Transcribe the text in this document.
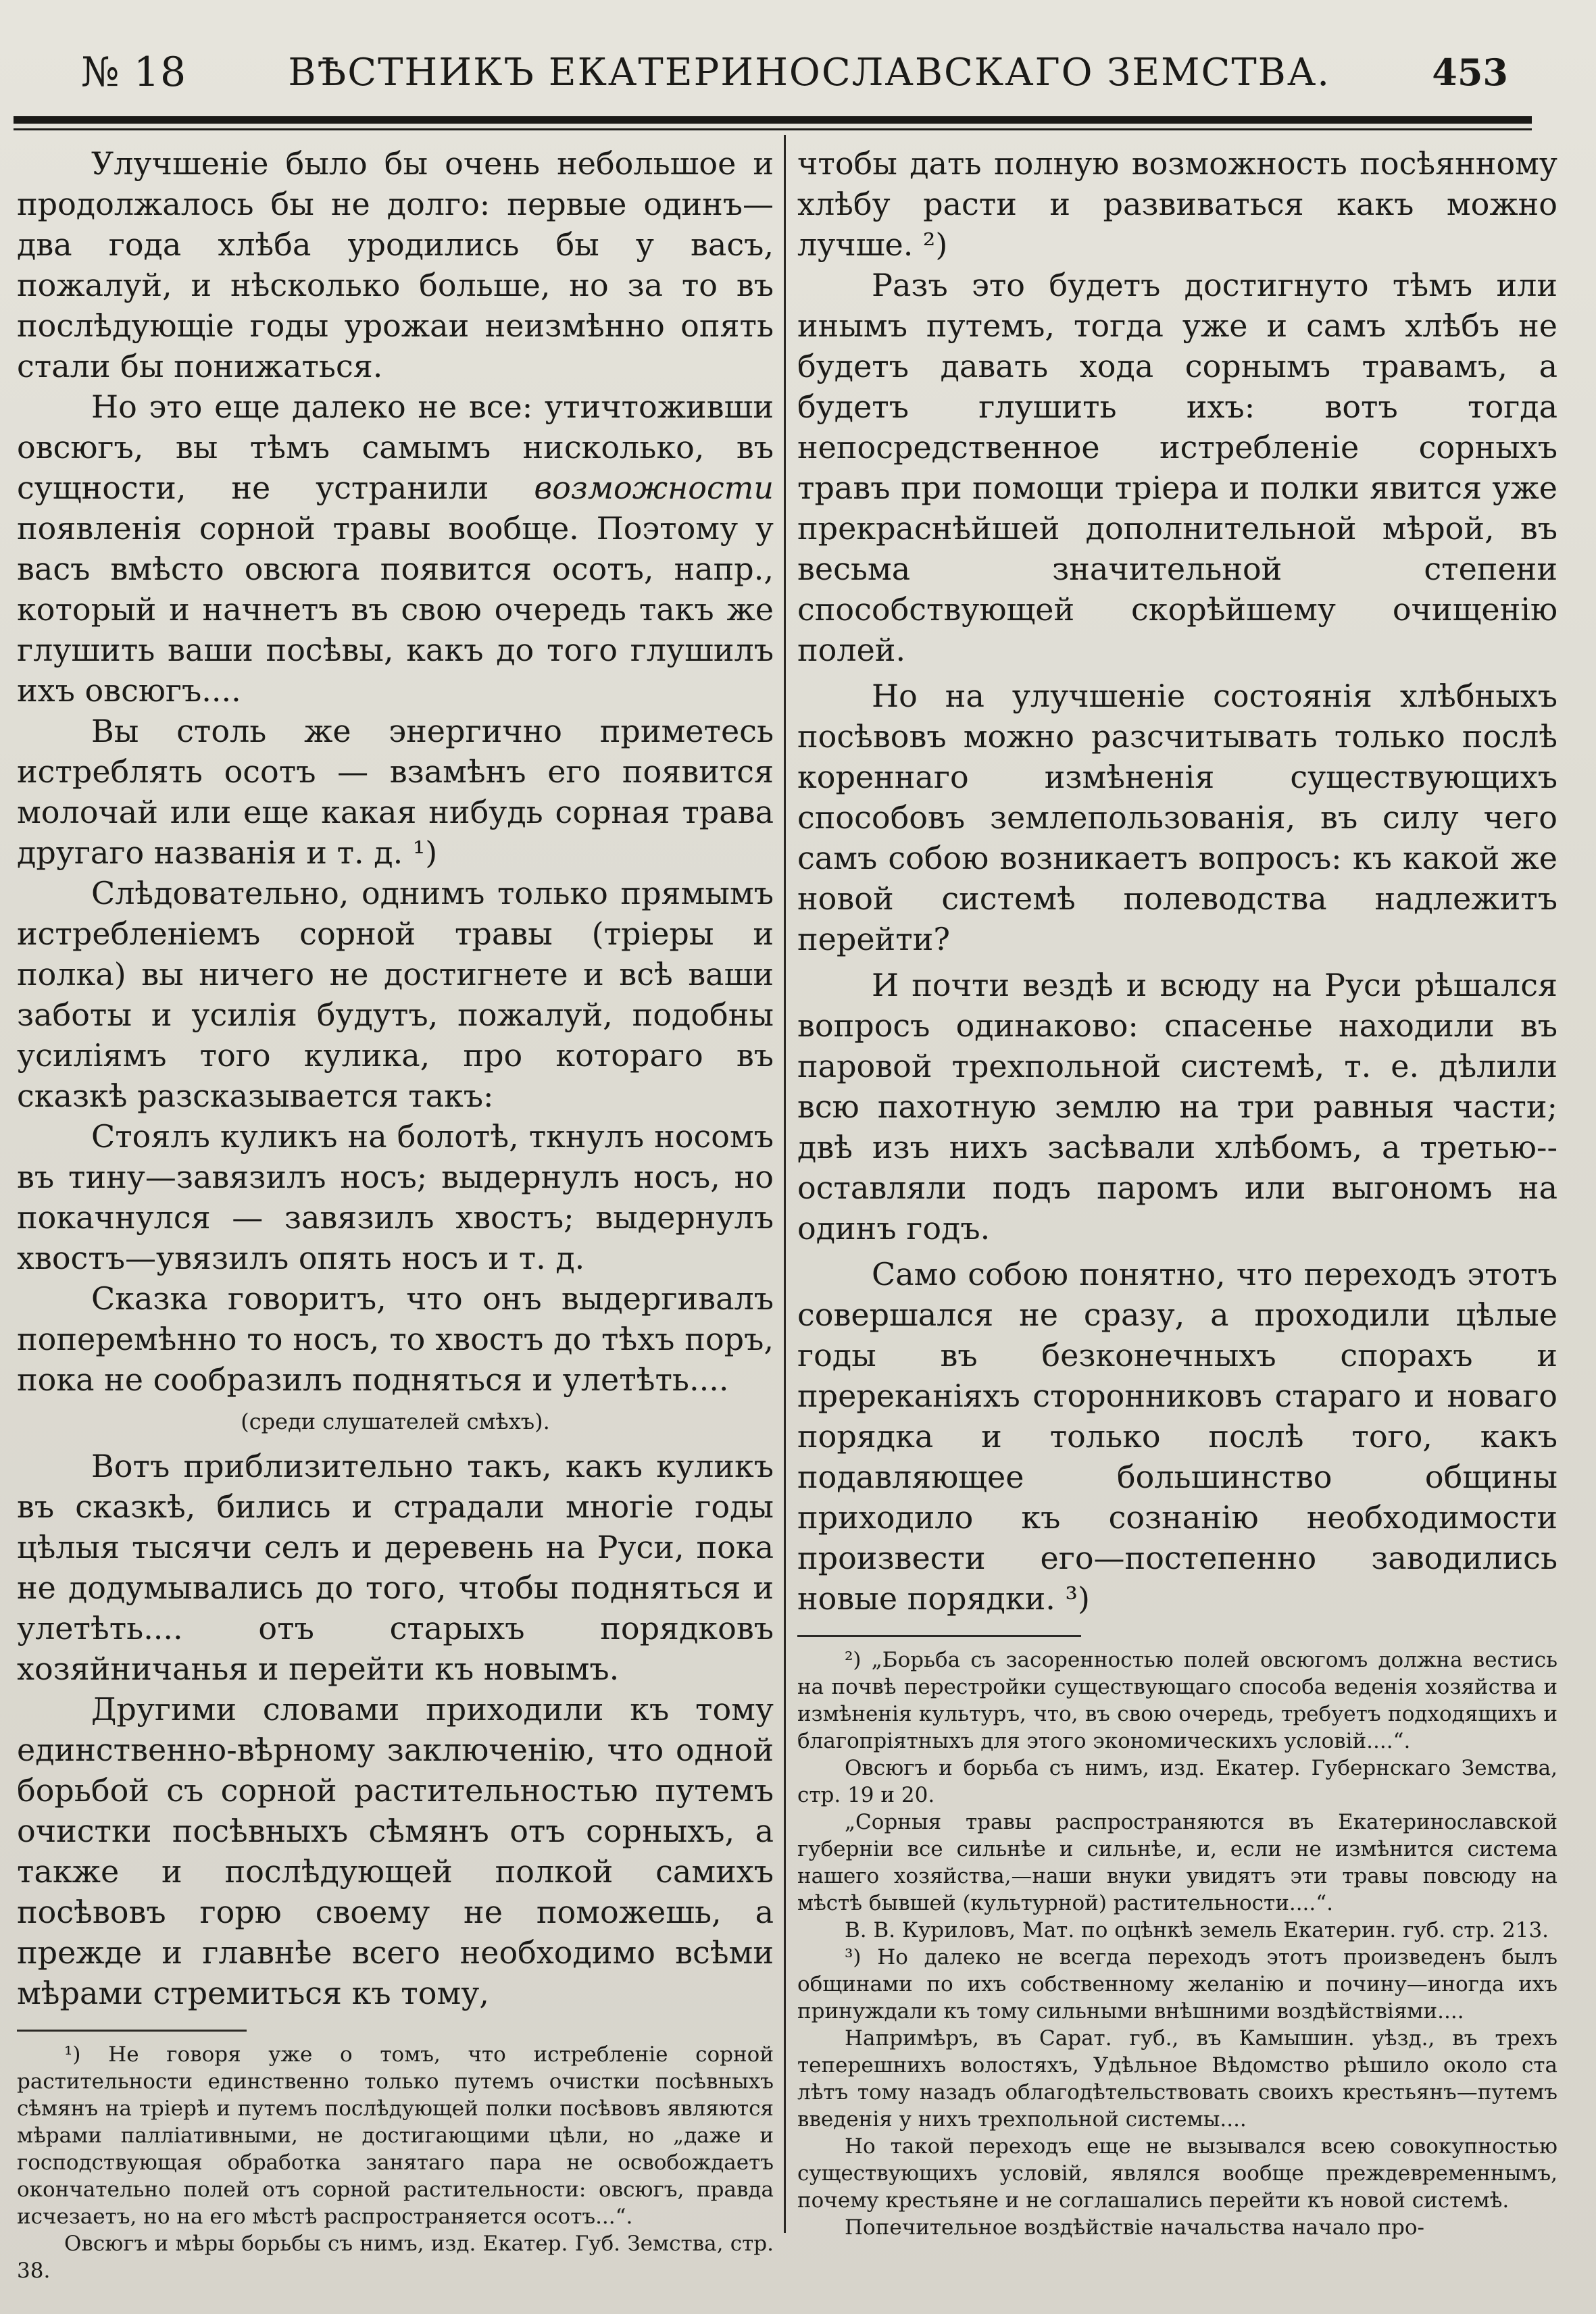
№ 18	ВѢСТНИКЪ ЕКАТЕРИНОСЛАВСКАГО ЗЕМСТВА.	453

Улучшеніе было бы очень небольшое и продолжалось бы не долго: первые одинъ—два года хлѣба уродились бы у васъ, пожалуй, и нѣсколько больше, но за то въ послѣдующіе годы урожаи неизмѣнно опять стали бы понижаться.

Но это еще далеко не все: утичтоживши овсюгъ, вы тѣмъ самымъ нисколько, въ сущности, не устранили возможности появленія сорной травы вообще. Поэтому у васъ вмѣсто овсюга появится осотъ, напр., который и начнетъ въ свою очередь такъ же глушить ваши посѣвы, какъ до того глушилъ ихъ овсюгъ....

Вы столь же энергично приметесь истреблять осотъ — взамѣнъ его появится молочай или еще какая нибудь сорная трава другаго названія и т. д. ¹)

Слѣдовательно, однимъ только прямымъ истребленіемъ сорной травы (тріеры и полка) вы ничего не достигнете и всѣ ваши заботы и усилія будутъ, пожалуй, подобны усиліямъ того кулика, про котораго въ сказкѣ разсказывается такъ:

Стоялъ куликъ на болотѣ, ткнулъ носомъ въ тину—завязилъ носъ; выдернулъ носъ, но покачнулся — завязилъ хвостъ; выдернулъ хвостъ—увязилъ опять носъ и т. д.

Сказка говоритъ, что онъ выдергивалъ поперемѣнно то носъ, то хвостъ до тѣхъ поръ, пока не сообразилъ подняться и улетѣть....

(среди слушателей смѣхъ).

Вотъ приблизительно такъ, какъ куликъ въ сказкѣ, бились и страдали многіе годы цѣлыя тысячи селъ и деревень на Руси, пока не додумывались до того, чтобы подняться и улетѣть.... отъ старыхъ порядковъ хозяйничанья и перейти къ новымъ.

Другими словами приходили къ тому единственно-вѣрному заключенію, что одной борьбой съ сорной растительностью путемъ очистки посѣвныхъ сѣмянъ отъ сорныхъ, а также и послѣдующей полкой самихъ посѣвовъ горю своему не поможешь, а прежде и главнѣе всего необходимо всѣми мѣрами стремиться къ тому,

¹) Не говоря уже о томъ, что истребленіе сорной растительности единственно только путемъ очистки посѣвныхъ сѣмянъ на тріерѣ и путемъ послѣдующей полки посѣвовъ являются мѣрами палліативными, не достигающими цѣли, но „даже и господствующая обработка занятаго пара не освобождаетъ окончательно полей отъ сорной растительности: овсюгъ, правда исчезаетъ, но на его мѣстѣ распространяется осотъ...“.

Овсюгъ и мѣры борьбы съ нимъ, изд. Екатер. Губ. Земства, стр. 38.

чтобы дать полную возможность посѣянному хлѣбу расти и развиваться какъ можно лучше. ²)

Разъ это будетъ достигнуто тѣмъ или инымъ путемъ, тогда уже и самъ хлѣбъ не будетъ давать хода сорнымъ травамъ, а будетъ глушить ихъ: вотъ тогда непосредственное истребленіе сорныхъ травъ при помощи тріера и полки явится уже прекраснѣйшей дополнительной мѣрой, въ весьма значительной степени способствующей скорѣйшему очищенію полей.

Но на улучшеніе состоянія хлѣбныхъ посѣвовъ можно разсчитывать только послѣ кореннаго измѣненія существующихъ способовъ землепользованія, въ силу чего самъ собою возникаетъ вопросъ: къ какой же новой системѣ полеводства надлежитъ перейти?

И почти вездѣ и всюду на Руси рѣшался вопросъ одинаково: спасенье находили въ паровой трехпольной системѣ, т. е. дѣлили всю пахотную землю на три равныя части; двѣ изъ нихъ засѣвали хлѣбомъ, а третью--оставляли подъ паромъ или выгономъ на одинъ годъ.

Само собою понятно, что переходъ этотъ совершался не сразу, а проходили цѣлые годы въ безконечныхъ спорахъ и пререканіяхъ сторонниковъ стараго и новаго порядка и только послѣ того, какъ подавляющее большинство общины приходило къ сознанію необходимости произвести его—постепенно заводились новые порядки. ³)

²) „Борьба съ засоренностью полей овсюгомъ должна вестись на почвѣ перестройки существующаго способа веденія хозяйства и измѣненія культуръ, что, въ свою очередь, требуетъ подходящихъ и благопріятныхъ для этого экономическихъ условій....“.

Овсюгъ и борьба съ нимъ, изд. Екатер. Губернскаго Земства, стр. 19 и 20.

„Сорныя травы распространяются въ Екатеринославской губерніи все сильнѣе и сильнѣе, и, если не измѣнится система нашего хозяйства,—наши внуки увидятъ эти травы повсюду на мѣстѣ бывшей (культурной) растительности....“.

В. В. Куриловъ, Мат. по оцѣнкѣ земель Екатерин. губ. стр. 213.

³) Но далеко не всегда переходъ этотъ произведенъ былъ общинами по ихъ собственному желанію и почину—иногда ихъ принуждали къ тому сильными внѣшними воздѣйствіями....

Напримѣръ, въ Сарат. губ., въ Камышин. уѣзд., въ трехъ теперешнихъ волостяхъ, Удѣльное Вѣдомство рѣшило около ста лѣтъ тому назадъ облагодѣтельствовать своихъ крестьянъ—путемъ введенія у нихъ трехпольной системы....

Но такой переходъ еще не вызывался всею совокупностью существующихъ условій, являлся вообще преждевременнымъ, почему крестьяне и не соглашались перейти къ новой системѣ.

Попечительное воздѣйствіе начальства начало про-
